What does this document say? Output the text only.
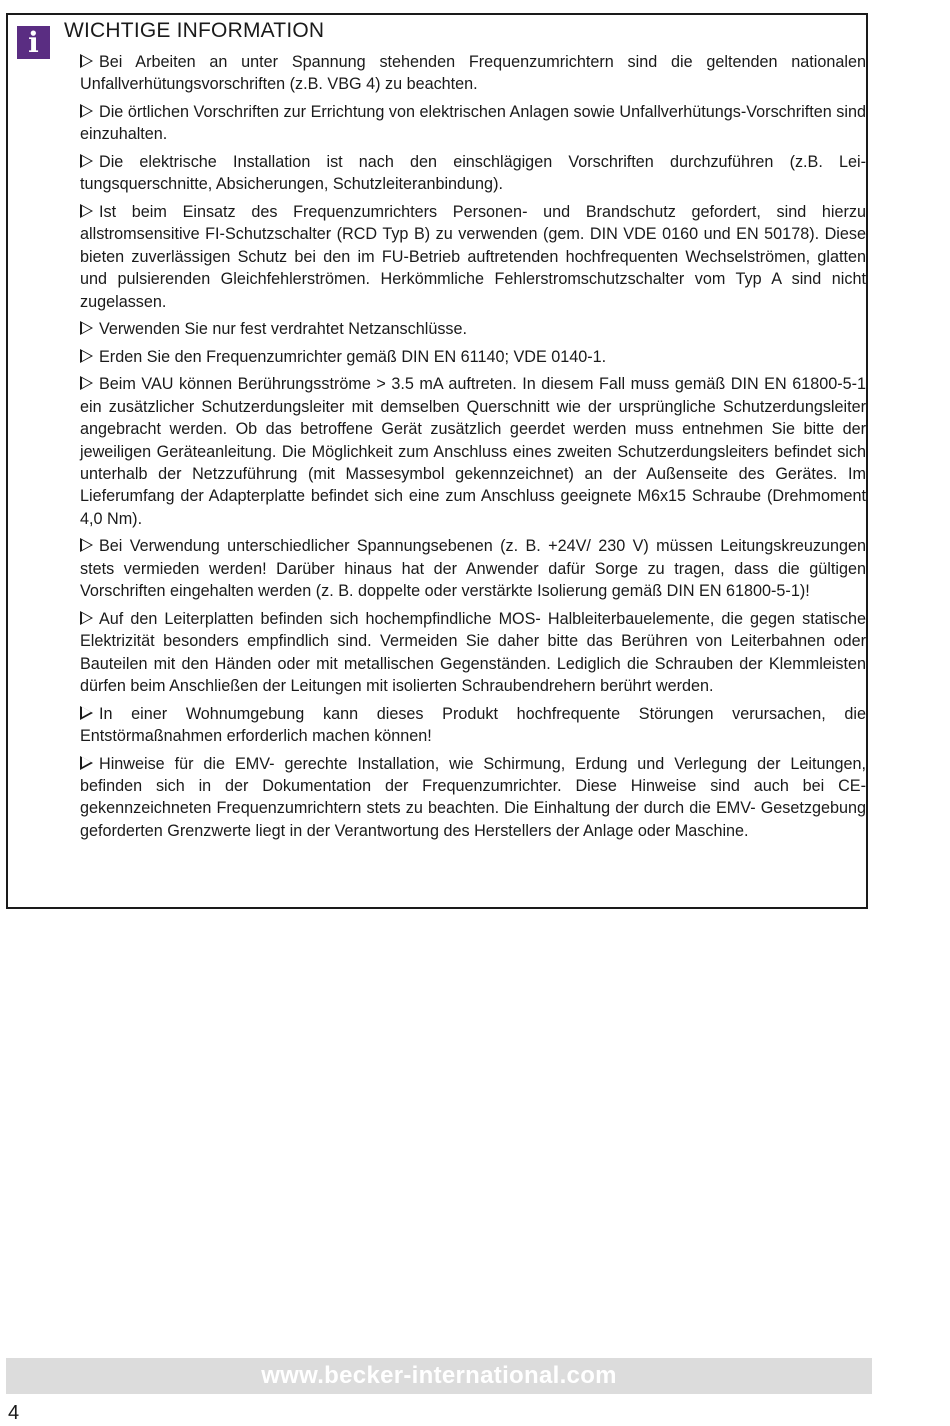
i	WICHTIGE INFORMATION
Bei Arbeiten an unter Spannung stehenden Frequenzumrichtern sind die geltenden nationalen Unfallverhütungsvorschriften (z.B. VBG 4) zu beachten.
Die örtlichen Vorschriften zur Errichtung von elektrischen Anlagen sowie Unfallverhütungs-Vorschriften sind einzuhalten.
Die elektrische Installation ist nach den einschlägigen Vorschriften durchzuführen (z.B. Leitungsquerschnitte, Absicherungen, Schutzleiteranbindung).
Ist beim Einsatz des Frequenzumrichters Personen- und Brandschutz gefordert, sind hierzu allstromsensitive FI-Schutzschalter (RCD Typ B) zu verwenden (gem. DIN VDE 0160 und EN 50178). Diese bieten zuverlässigen Schutz bei den im FU-Betrieb auftretenden hochfrequenten Wechselströmen, glatten und pulsierenden Gleichfehlerströmen. Herkömmliche Fehlerstromschutzschalter vom Typ A sind nicht zugelassen.
Verwenden Sie nur fest verdrahtet Netzanschlüsse.
Erden Sie den Frequenzumrichter gemäß DIN EN 61140; VDE 0140-1.
Beim VAU können Berührungsströme > 3.5 mA auftreten. In diesem Fall muss gemäß DIN EN 61800-5-1 ein zusätzlicher Schutzerdungsleiter mit demselben Querschnitt wie der ursprüngliche Schutzerdungsleiter angebracht werden. Ob das betroffene Gerät zusätzlich geerdet werden muss entnehmen Sie bitte der jeweiligen Geräteanleitung. Die Möglichkeit zum Anschluss eines zweiten Schutzerdungsleiters befindet sich unterhalb der Netzzuführung (mit Massesymbol gekennzeichnet) an der Außenseite des Gerätes. Im Lieferumfang der Adapterplatte befindet sich eine zum Anschluss geeignete M6x15 Schraube (Drehmoment 4,0 Nm).
Bei Verwendung unterschiedlicher Spannungsebenen (z. B. +24V/ 230 V) müssen Leitungskreuzungen stets vermieden werden! Darüber hinaus hat der Anwender dafür Sorge zu tragen, dass die gültigen Vorschriften eingehalten werden (z. B. doppelte oder verstärkte Isolierung gemäß DIN EN 61800-5-1)!
Auf den Leiterplatten befinden sich hochempfindliche MOS- Halbleiterbauelemente, die gegen statische Elektrizität besonders empfindlich sind. Vermeiden Sie daher bitte das Berühren von Leiterbahnen oder Bauteilen mit den Händen oder mit metallischen Gegenständen. Lediglich die Schrauben der Klemmleisten dürfen beim Anschließen der Leitungen mit isolierten Schraubendrehern berührt werden.
In einer Wohnumgebung kann dieses Produkt hochfrequente Störungen verursachen, die Entstörmaßnahmen erforderlich machen können!
Hinweise für die EMV- gerechte Installation, wie Schirmung, Erdung und Verlegung der Leitungen, befinden sich in der Dokumentation der Frequenzumrichter. Diese Hinweise sind auch bei CE- gekennzeichneten Frequenzumrichtern stets zu beachten. Die Einhaltung der durch die EMV- Gesetzgebung geforderten Grenzwerte liegt in der Verantwortung des Herstellers der Anlage oder Maschine.
www.becker-international.com
4
